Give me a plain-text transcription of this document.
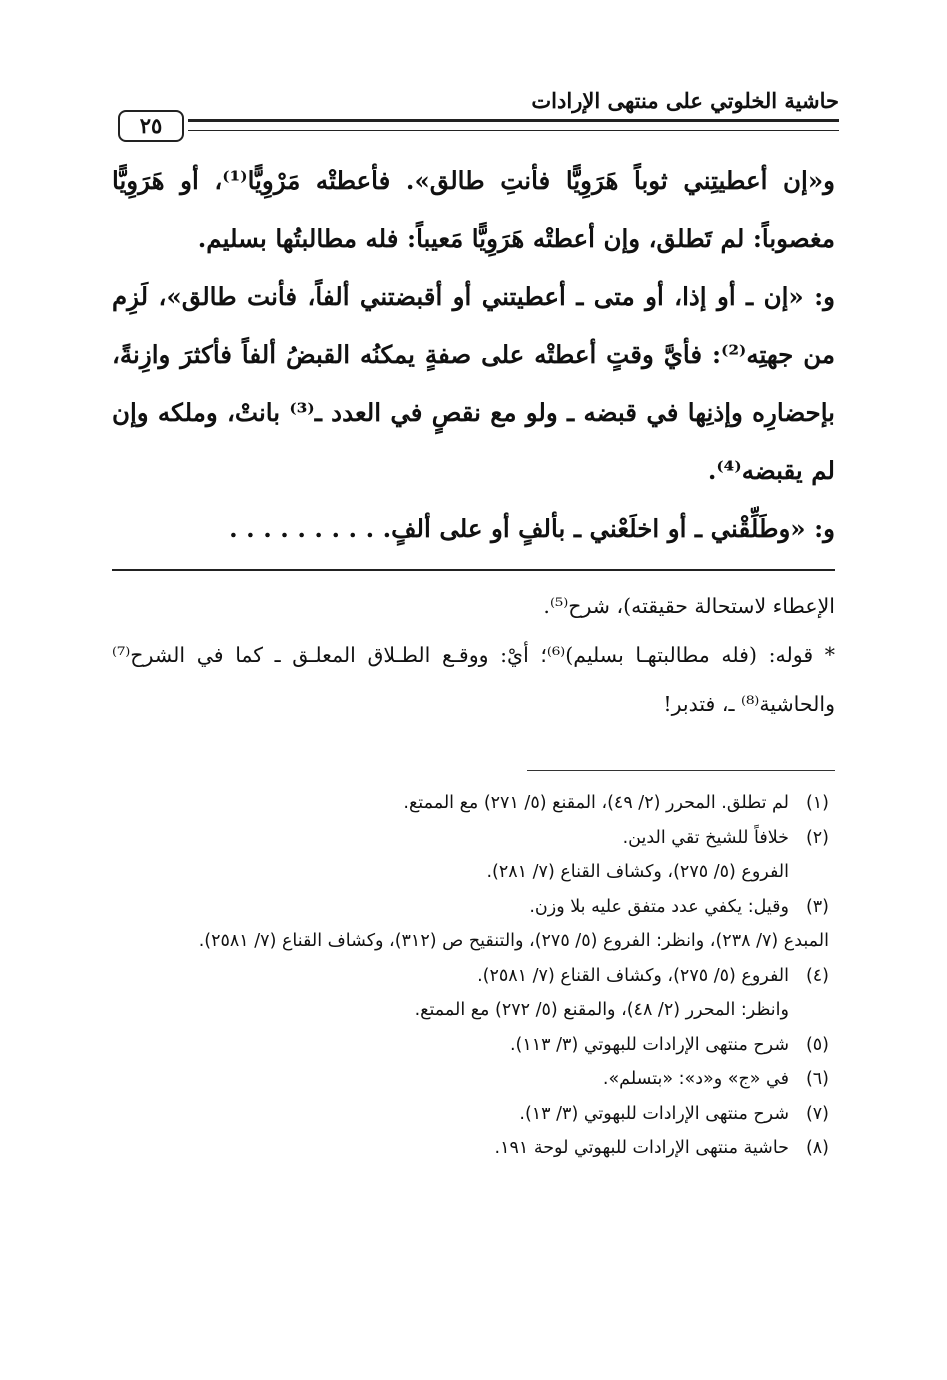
حاشية الخلوتي على منتهى الإرادات
٢٥

و«إن أعطيتِني ثوباً هَرَوِيًّا فأنتِ طالق». فأعطتْه مَرْوِيًّا⁽¹⁾، أو هَرَوِيًّا مغصوباً: لم تَطلق، وإن أعطتْه هَرَوِيًّا مَعيباً: فله مطالبتُها بسليم.

و: «إن ـ أو إذا، أو متى ـ أعطيتني أو أقبضتني ألفاً، فأنت طالق»، لَزِم من جهتِه⁽²⁾: فأيَّ وقتٍ أعطتْه على صفةٍ يمكنُه القبضُ ألفاً فأكثرَ وازِنةً، بإحضارِه وإذنِها في قبضه ـ ولو مع نقصٍ في العدد ـ⁽³⁾ بانتْ، وملكه وإن لم يقبضه⁽⁴⁾.

و: «وطَلِّقْني ـ أو اخلَعْني ـ بألفٍ أو على ألفٍ. . . . . . . . . .

الإعطاء لاستحالة حقيقته)، شرح⁽⁵⁾.

* قوله: (فله مطالبتهـا بسليم)⁽⁶⁾؛ أيْ: ووقـع الطـلاق المعلـق ـ كما في الشرح⁽⁷⁾ والحاشية⁽⁸⁾ ـ، فتدبر!

(١)
لم تطلق. المحرر (٢/ ٤٩)، المقنع (٥/ ٢٧١) مع الممتع.
(٢)
خلافاً للشيخ تقي الدين.

الفروع (٥/ ٢٧٥)، وكشاف القناع (٧/ ٢٨١).

(٣)
وقيل: يكفي عدد متفق عليه بلا وزن.

المبدع (٧/ ٢٣٨)، وانظر: الفروع (٥/ ٢٧٥)، والتنقيح ص (٣١٢)، وكشاف القناع (٧/ ٢٥٨١).

(٤)
الفروع (٥/ ٢٧٥)، وكشاف القناع (٧/ ٢٥٨١).

وانظر: المحرر (٢/ ٤٨)، والمقنع (٥/ ٢٧٢) مع الممتع.

(٥)
شرح منتهى الإرادات للبهوتي (٣/ ١١٣).
(٦)
في «ج» و«د»: «بتسلم».
(٧)
شرح منتهى الإرادات للبهوتي (٣/ ١٣).
(٨)
حاشية منتهى الإرادات للبهوتي لوحة ١٩١.
